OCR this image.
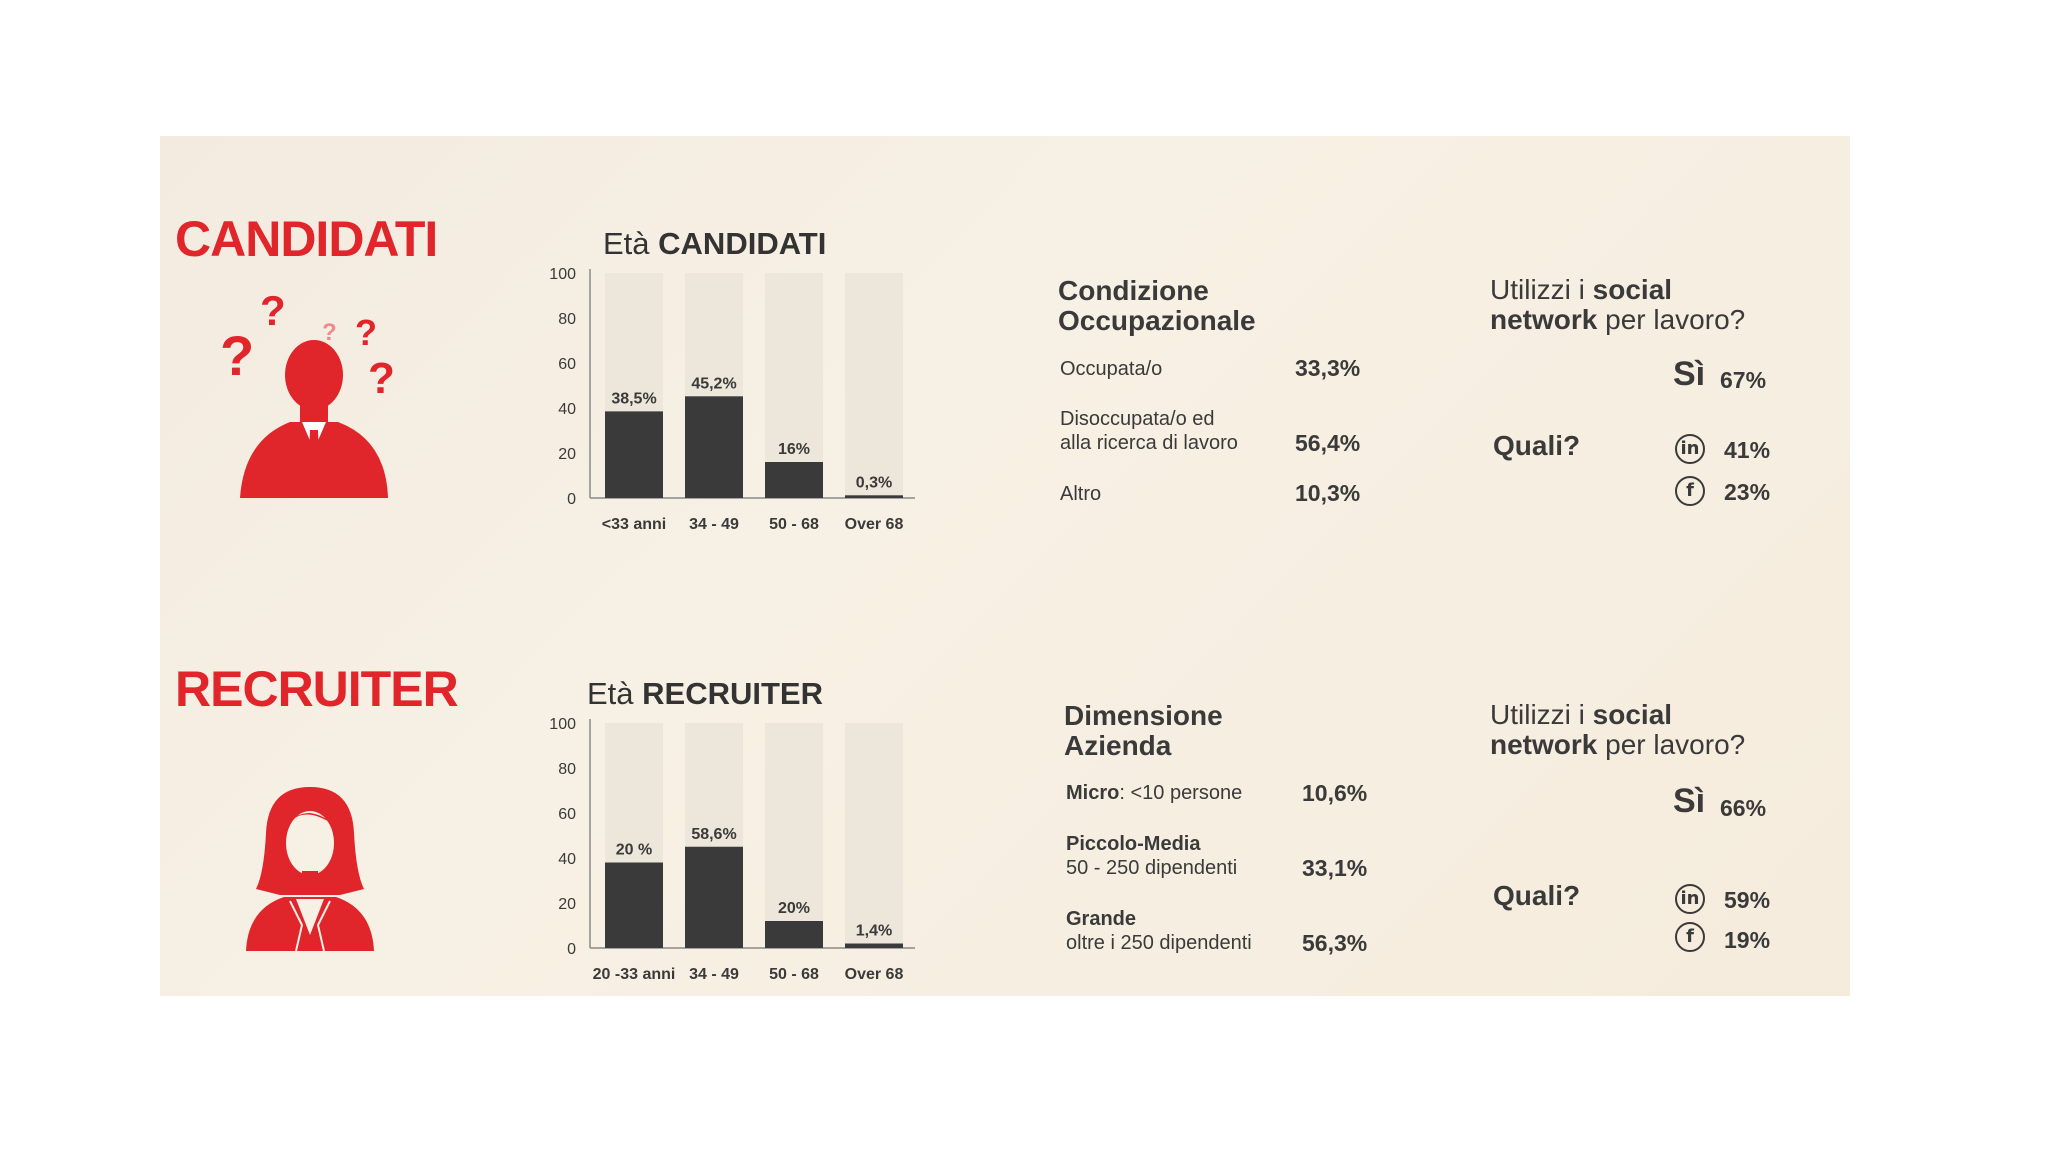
CANDIDATI
?
?	? ?
?
Età CANDIDATI
0
20
40
60
80
100
38,5%
<33 anni
45,2%
34 - 49
16%
50 - 68
0,3%
Over 68
Condizione
Occupazionale
Occupata/o	33,3%
Disoccupata/o ed
alla ricerca di lavoro 56,4%
Altro	10,3%
Utilizzi i social
network per lavoro?
Sì 67%
Quali?	in 41%
f	23%
RECRUITER	Età RECRUITER
0
20
40
60
80
100
20 %
20 -33 anni
58,6%
34 - 49
20%
50 - 68
1,4%
Over 68
Dimensione
Azienda
Micro: <10 persone	10,6%
Piccolo-Media
50 - 250 dipendenti	33,1%
Grande
oltre i 250 dipendenti 56,3%
Utilizzi i social
network per lavoro?
Sì 66%
Quali?	in 59%
f	19%
